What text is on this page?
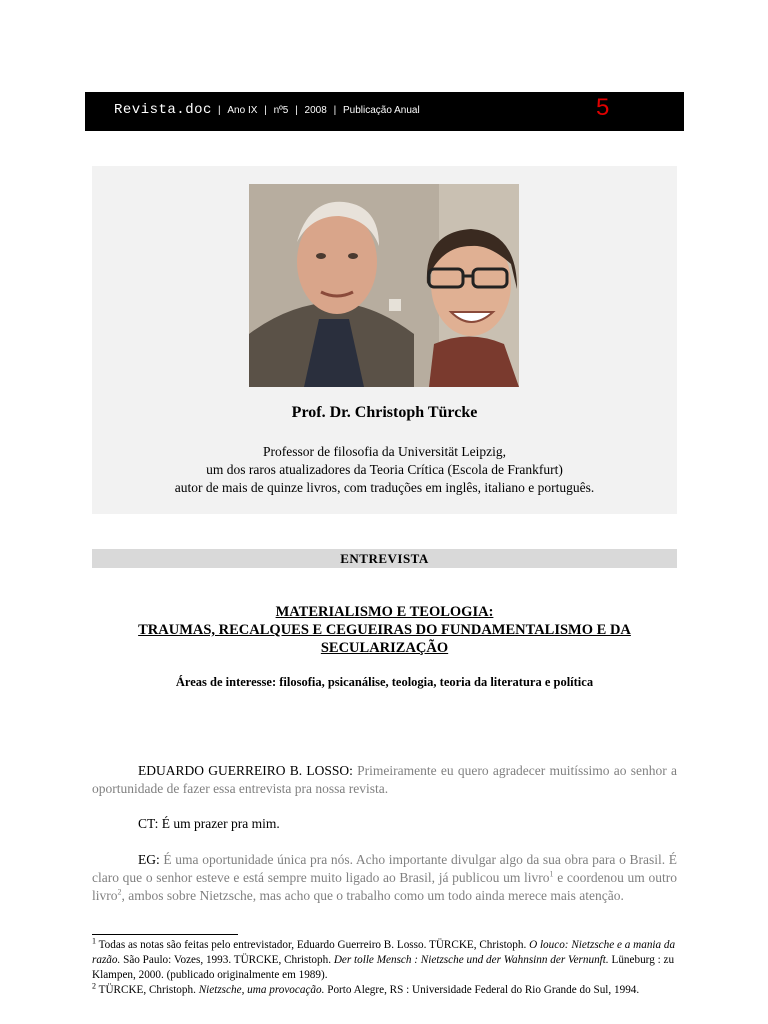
Revista.doc | Ano IX | nº5 | 2008 | Publicação Anual	5
Prof. Dr. Christoph Türcke
Professor de filosofia da Universität Leipzig,
um dos raros atualizadores da Teoria Crítica (Escola de Frankfurt)
autor de mais de quinze livros, com traduções em inglês, italiano e português.
ENTREVISTA
MATERIALISMO E TEOLOGIA:
TRAUMAS, RECALQUES E CEGUEIRAS DO FUNDAMENTALISMO E DA
SECULARIZAÇÃO
Áreas de interesse: filosofia, psicanálise, teologia, teoria da literatura e política
EDUARDO GUERREIRO B. LOSSO: Primeiramente eu quero agradecer muitíssimo ao senhor a oportunidade de fazer essa entrevista pra nossa revista.
CT: É um prazer pra mim.
EG: É uma oportunidade única pra nós. Acho importante divulgar algo da sua obra para o Brasil. É claro que o senhor esteve e está sempre muito ligado ao Brasil, já publicou um livro$^1$ e coordenou um outro livro$^2$, ambos sobre Nietzsche, mas acho que o trabalho como um todo ainda merece mais atenção.
$^1$ Todas as notas são feitas pelo entrevistador, Eduardo Guerreiro B. Losso. TÜRCKE, Christoph. O louco: Nietzsche e a mania da razão. São Paulo: Vozes, 1993. TÜRCKE, Christoph. Der tolle Mensch : Nietzsche und der Wahnsinn der Vernunft. Lüneburg : zu Klampen, 2000. (publicado originalmente em 1989).
$^2$ TÜRCKE, Christoph. Nietzsche, uma provocação. Porto Alegre, RS : Universidade Federal do Rio Grande do Sul, 1994.
